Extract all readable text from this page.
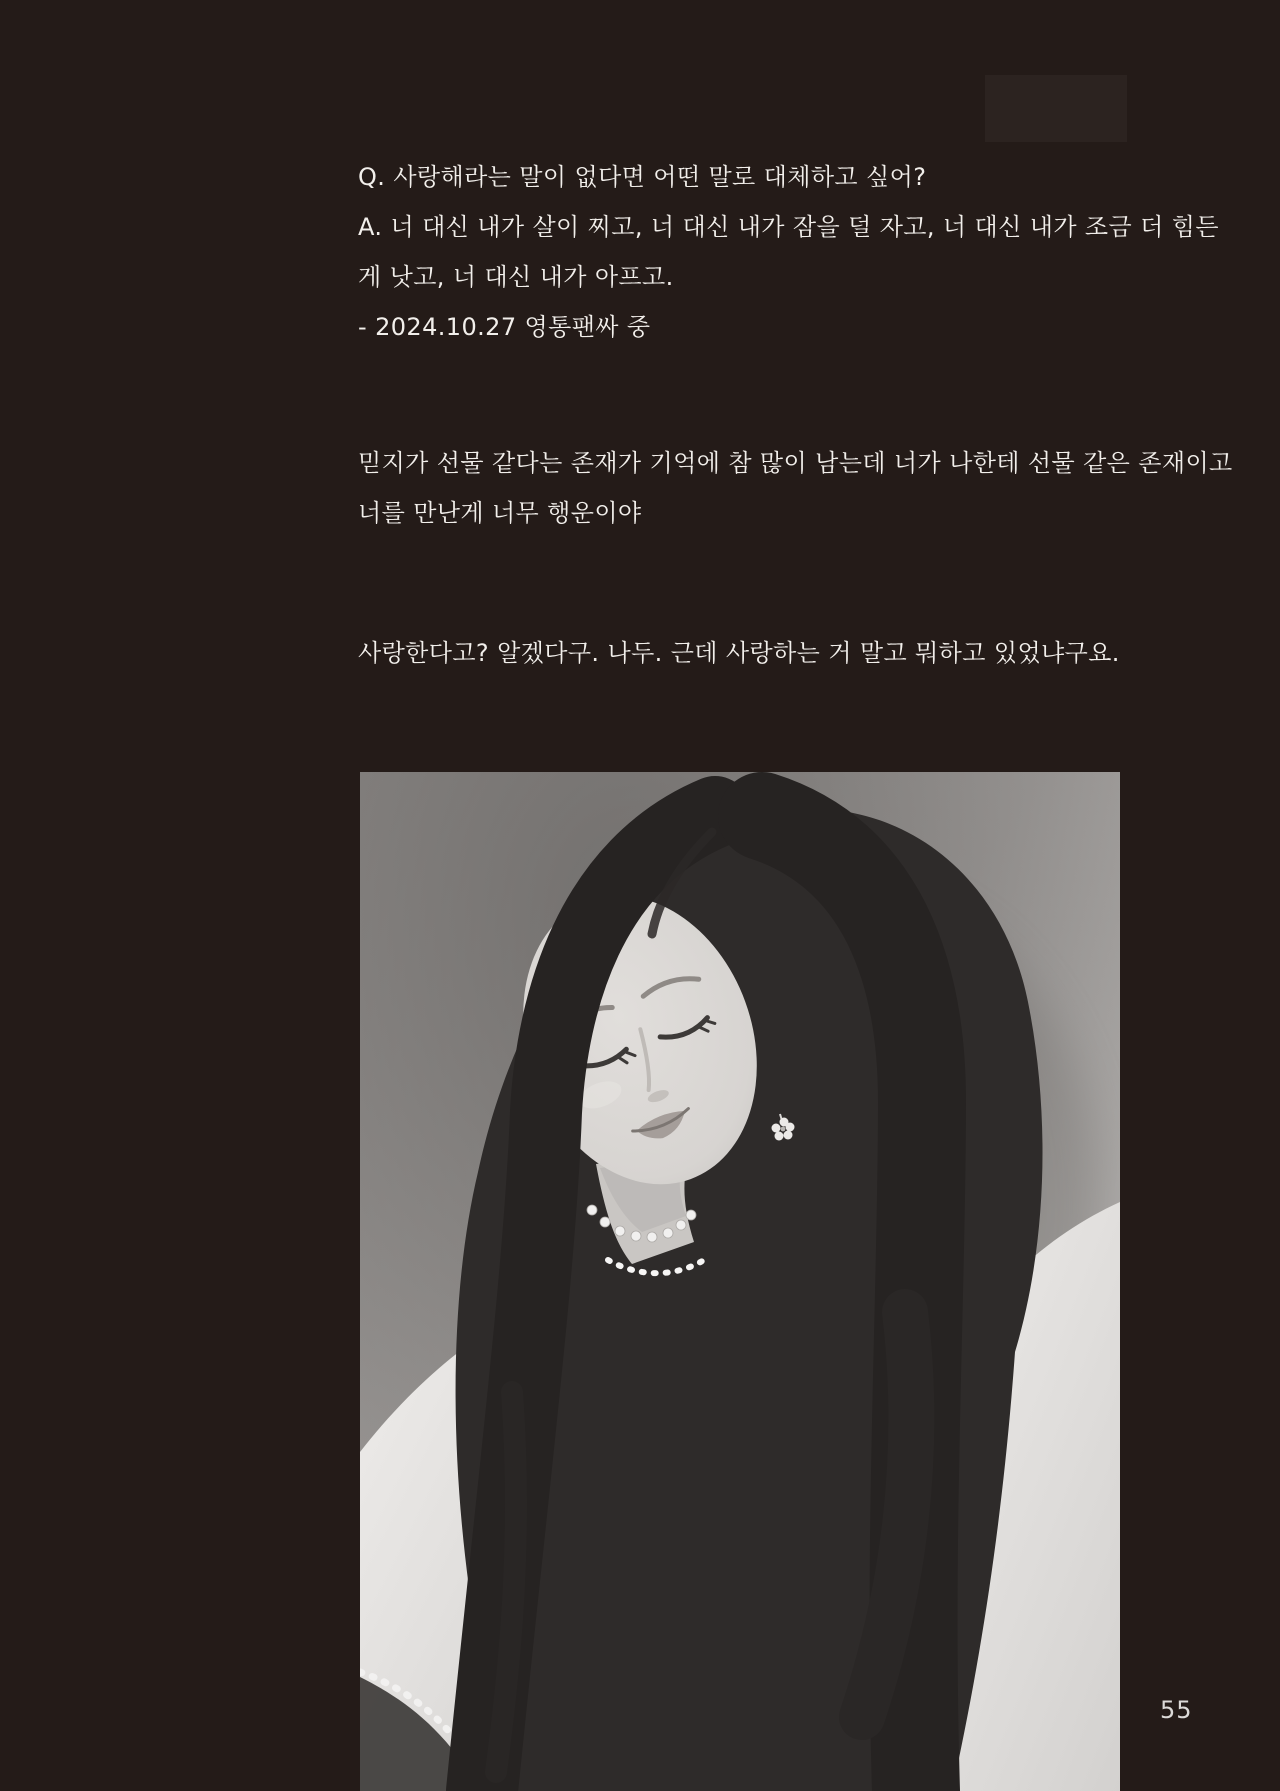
Q. 사랑해라는 말이 없다면 어떤 말로 대체하고 싶어?
A. 너 대신 내가 살이 찌고, 너 대신 내가 잠을 덜 자고, 너 대신 내가 조금 더 힘든
게 낫고, 너 대신 내가 아프고.
- 2024.10.27 영통팬싸 중
믿지가 선물 같다는 존재가 기억에 참 많이 남는데 너가 나한테 선물 같은 존재이고
너를 만난게 너무 행운이야
사랑한다고? 알겠다구. 나두. 근데 사랑하는 거 말고 뭐하고 있었냐구요.
55
